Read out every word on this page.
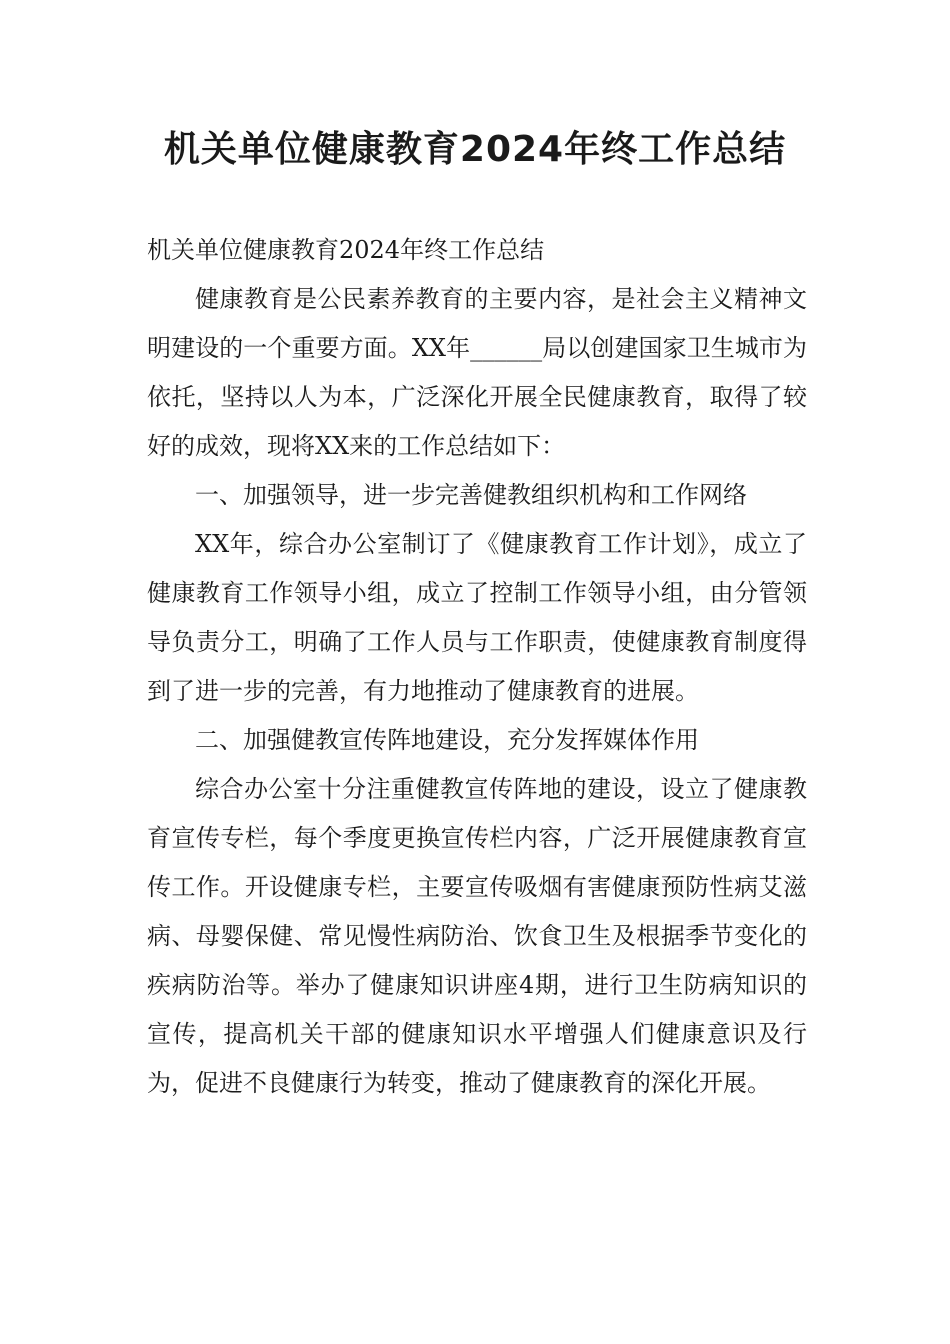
机关单位健康教育2024年终工作总结

机关单位健康教育2024年终工作总结

健康教育是公民素养教育的主要内容，是社会主义精神文明建设的一个重要方面。XX年______局以创建国家卫生城市为依托，坚持以人为本，广泛深化开展全民健康教育，取得了较好的成效，现将XX来的工作总结如下：

一、加强领导，进一步完善健教组织机构和工作网络

XX年，综合办公室制订了《健康教育工作计划》，成立了健康教育工作领导小组，成立了控制工作领导小组，由分管领导负责分工，明确了工作人员与工作职责，使健康教育制度得到了进一步的完善，有力地推动了健康教育的进展。

二、加强健教宣传阵地建设，充分发挥媒体作用

综合办公室十分注重健教宣传阵地的建设，设立了健康教育宣传专栏，每个季度更换宣传栏内容，广泛开展健康教育宣传工作。开设健康专栏，主要宣传吸烟有害健康预防性病艾滋病、母婴保健、常见慢性病防治、饮食卫生及根据季节变化的疾病防治等。举办了健康知识讲座4期，进行卫生防病知识的宣传，提高机关干部的健康知识水平增强人们健康意识及行为，促进不良健康行为转变，推动了健康教育的深化开展。
